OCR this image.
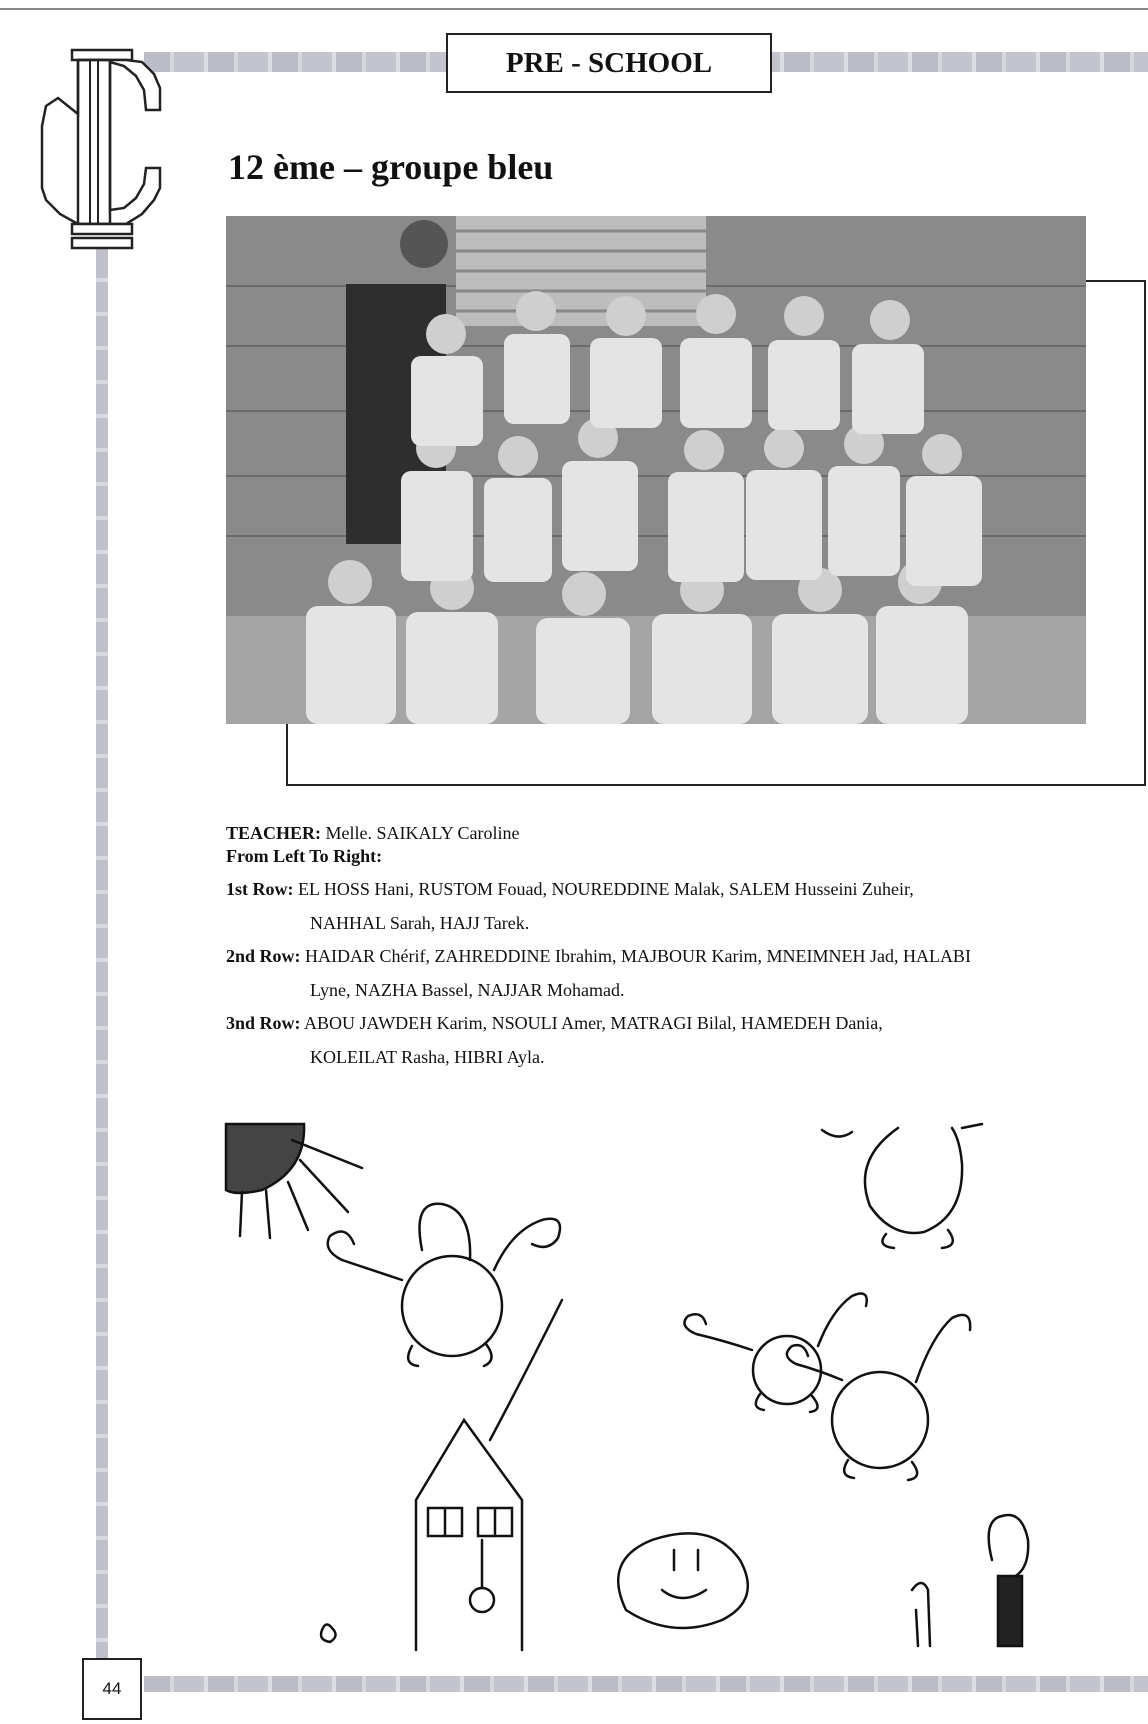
PRE - SCHOOL
12 ème – groupe bleu

TEACHER: Melle. SAIKALY Caroline

From Left To Right:

1st Row: EL HOSS Hani, RUSTOM Fouad, NOUREDDINE Malak, SALEM Husseini Zuheir,
NAHHAL Sarah, HAJJ Tarek.

2nd Row: HAIDAR Chérif, ZAHREDDINE Ibrahim, MAJBOUR Karim, MNEIMNEH Jad, HALABI
Lyne, NAZHA Bassel, NAJJAR Mohamad.

3nd Row: ABOU JAWDEH Karim, NSOULI Amer, MATRAGI Bilal, HAMEDEH Dania,
KOLEILAT Rasha, HIBRI Ayla.

44
